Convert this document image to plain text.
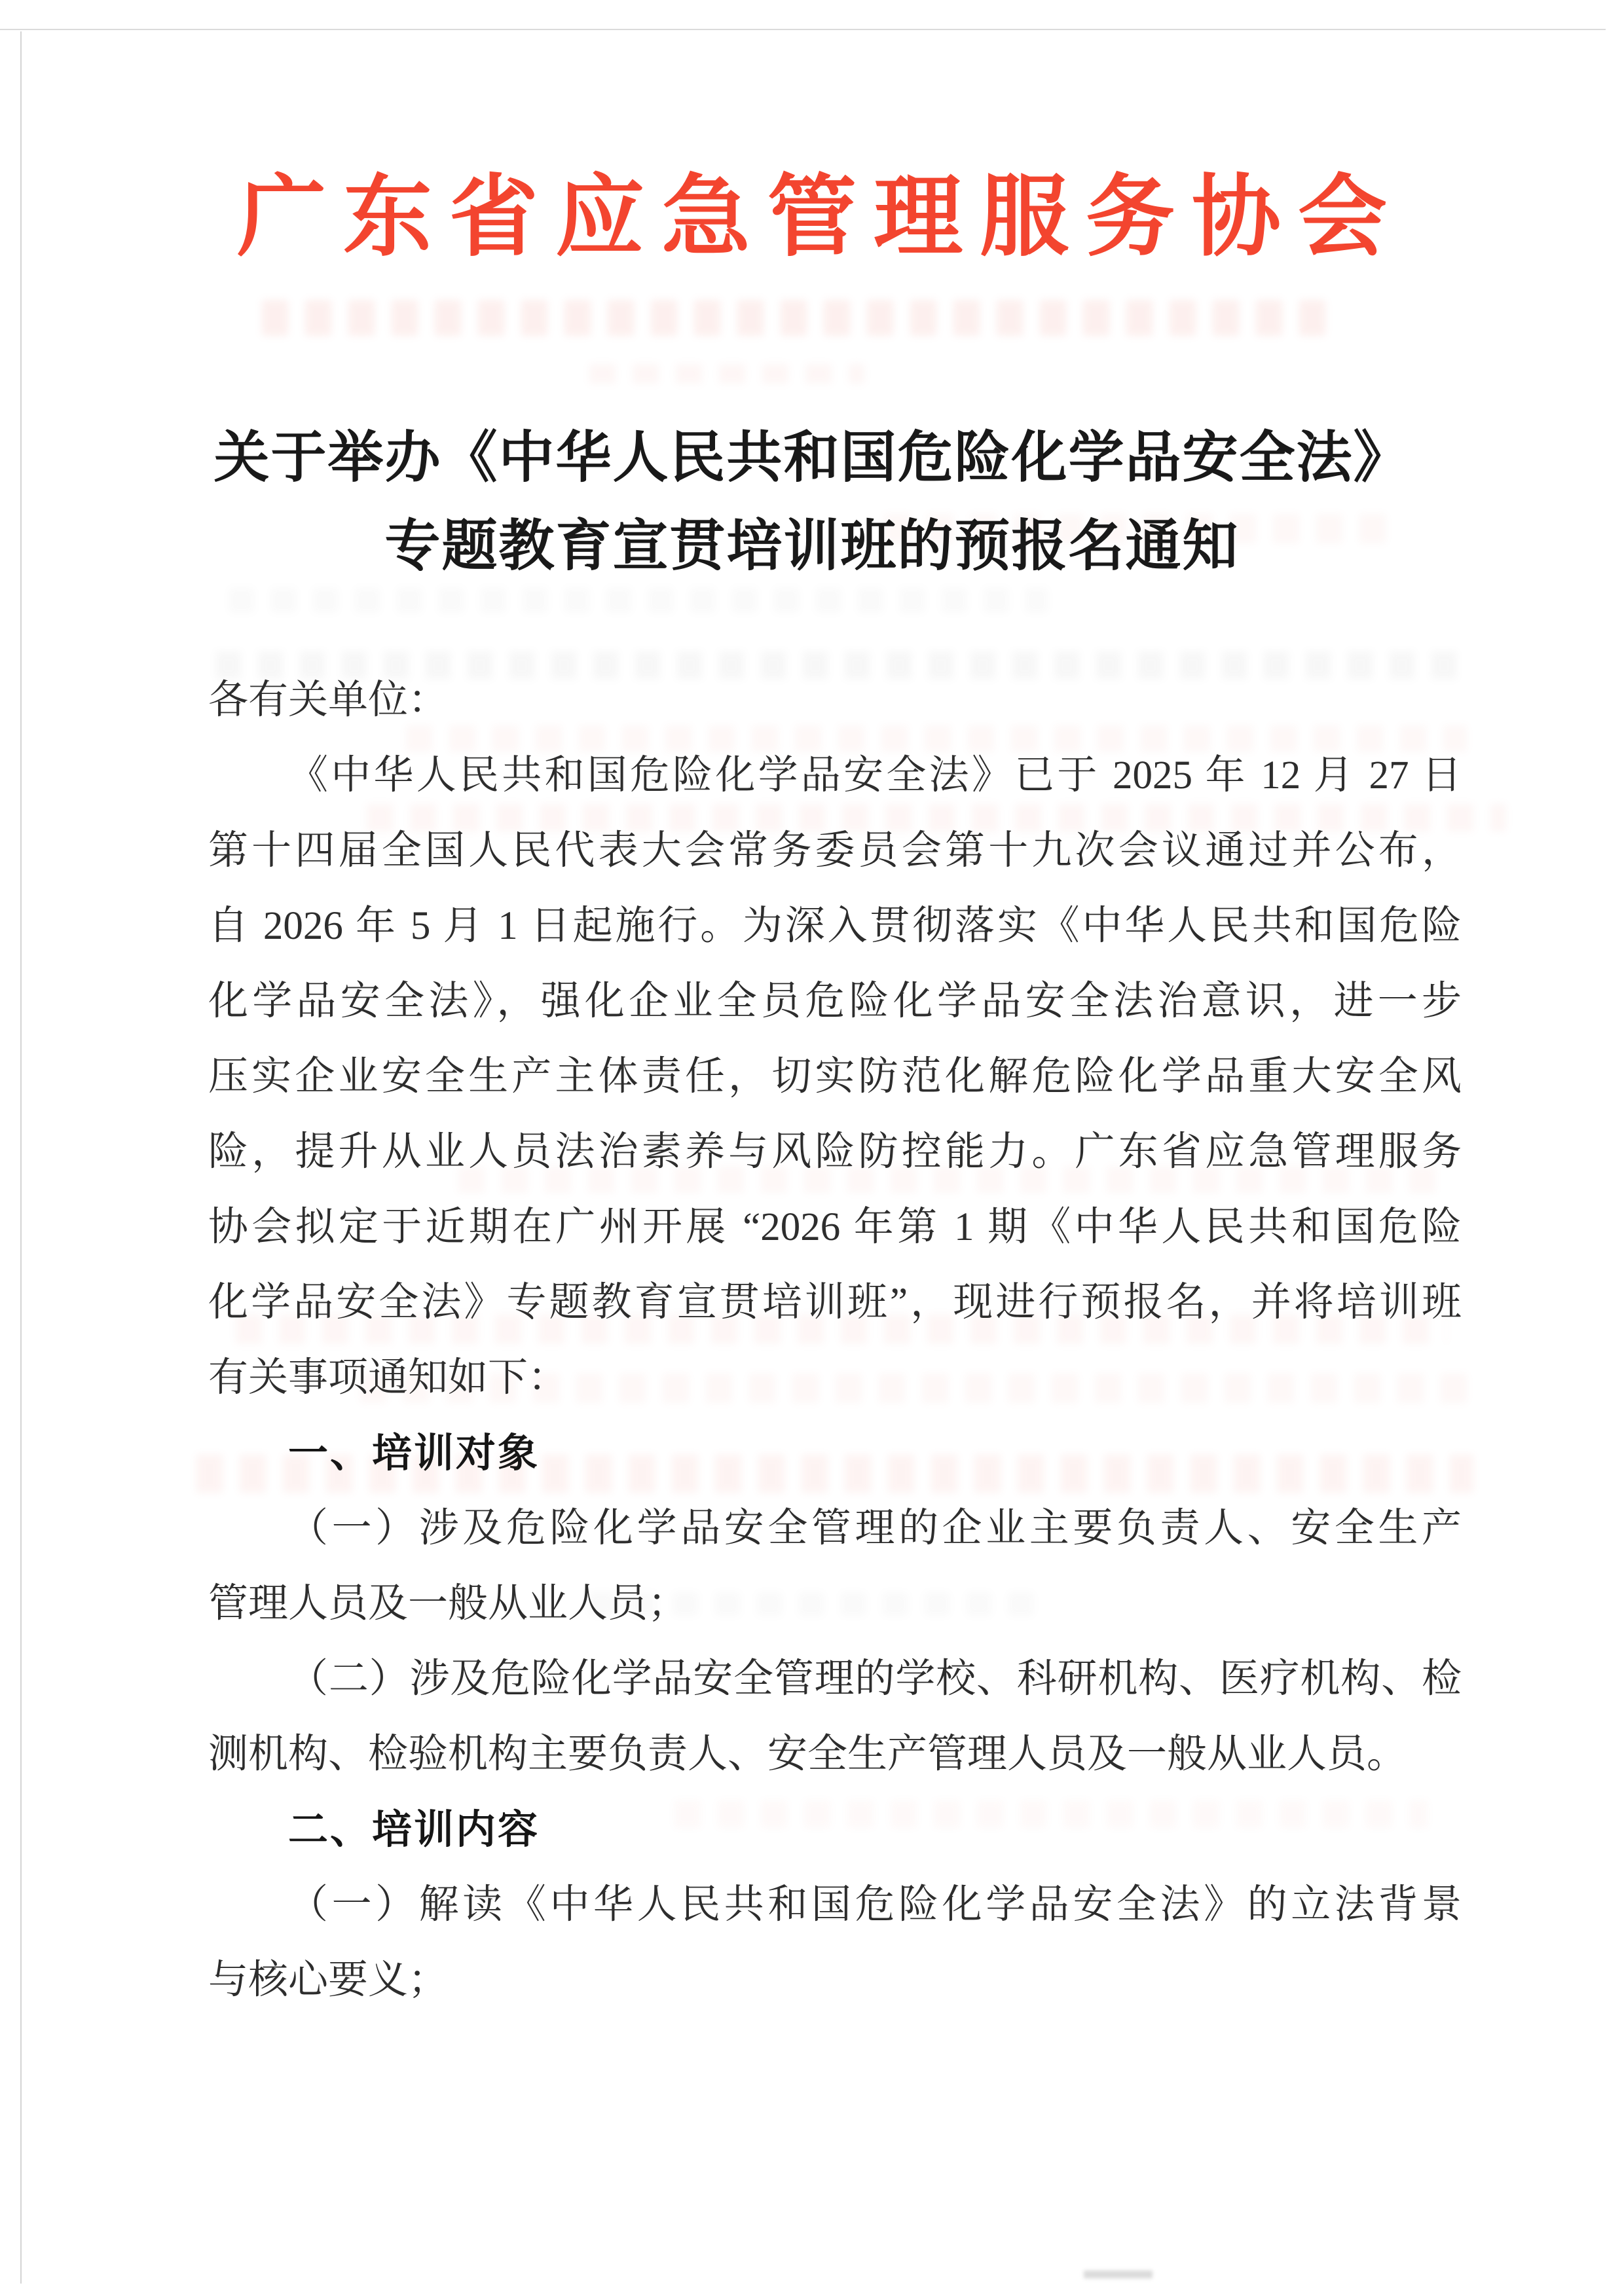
广东省应急管理服务协会
关于举办《中华人民共和国危险化学品安全法》
专题教育宣贯培训班的预报名通知
各有关单位：
《中华人民共和国危险化学品安全法》已于 2025 年 12 月 27 日
第十四届全国人民代表大会常务委员会第十九次会议通过并公布，
自 2026 年 5 月 1 日起施行。为深入贯彻落实《中华人民共和国危险
化学品安全法》，强化企业全员危险化学品安全法治意识，进一步
压实企业安全生产主体责任，切实防范化解危险化学品重大安全风
险，提升从业人员法治素养与风险防控能力。广东省应急管理服务
协会拟定于近期在广州开展 “2026 年第 1 期《中华人民共和国危险
化学品安全法》专题教育宣贯培训班”，现进行预报名，并将培训班
有关事项通知如下：
一、培训对象
（一）涉及危险化学品安全管理的企业主要负责人、安全生产
管理人员及一般从业人员；
（二）涉及危险化学品安全管理的学校、科研机构、医疗机构、检
测机构、检验机构主要负责人、安全生产管理人员及一般从业人员。
二、培训内容
（一）解读《中华人民共和国危险化学品安全法》的立法背景
与核心要义；
